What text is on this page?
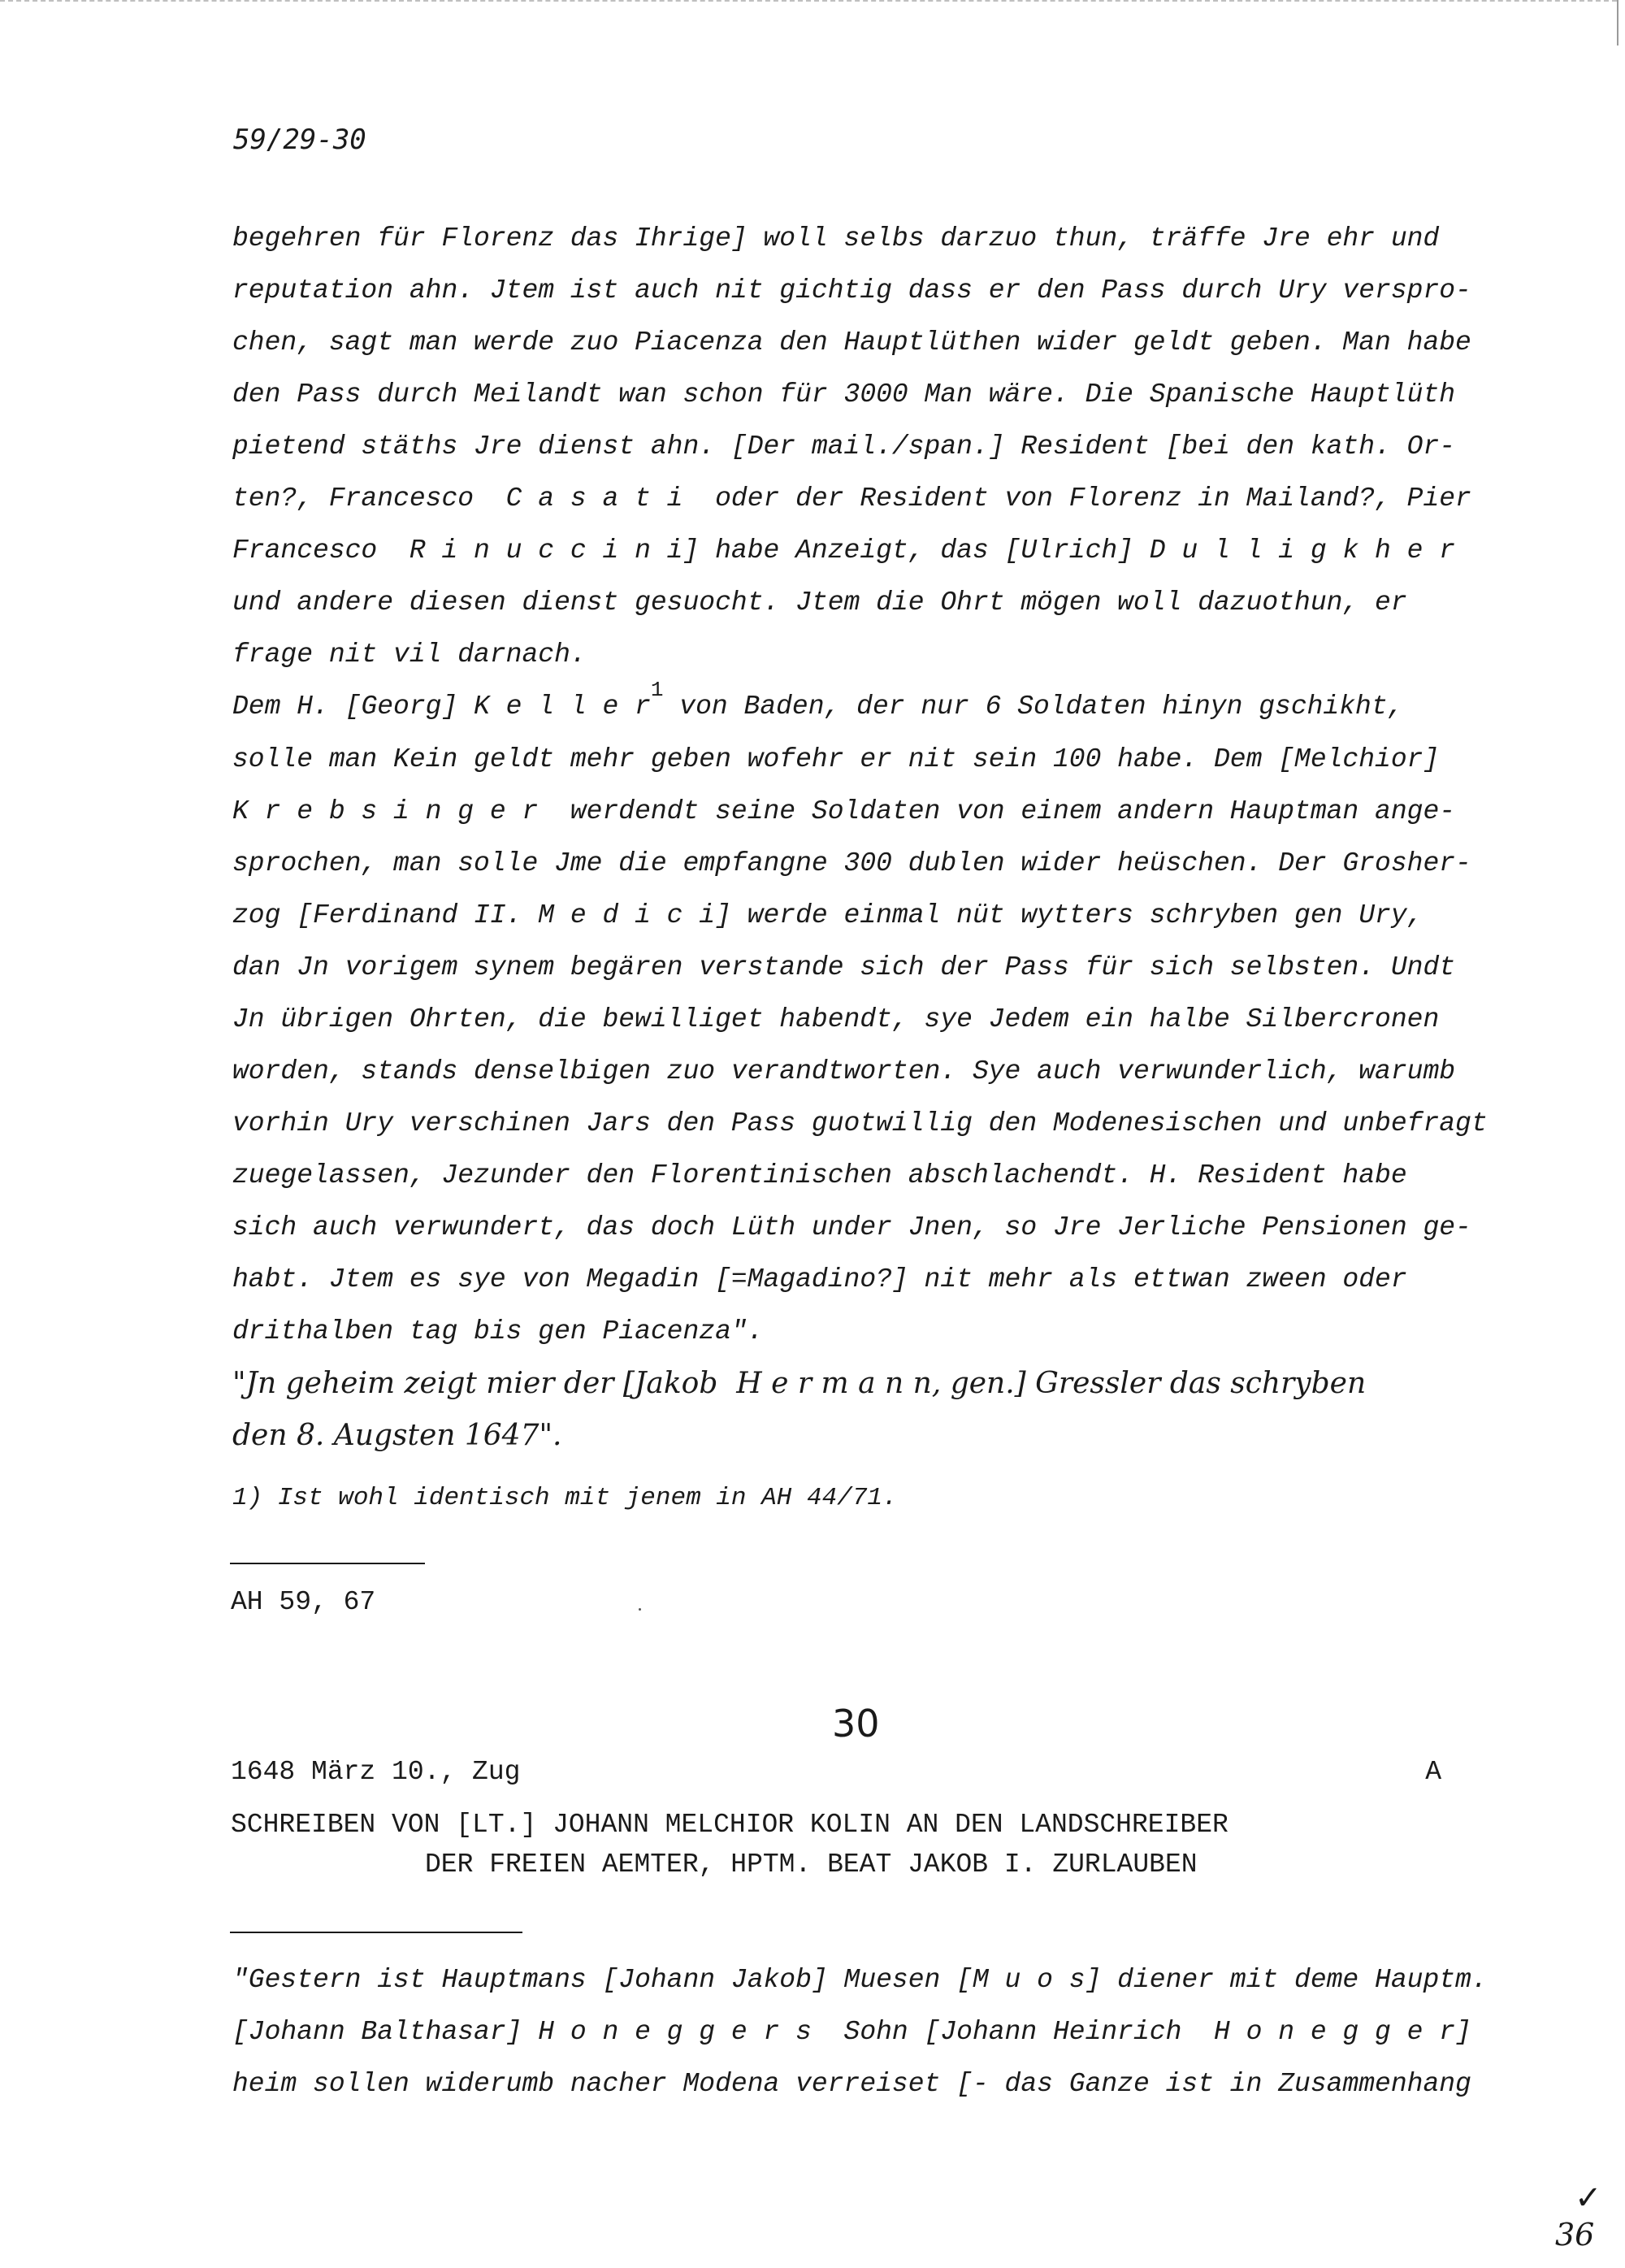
59/29-30
begehren für Florenz das Ihrige] woll selbs darzuo thun, träffe Jre ehr und
reputation ahn. Jtem ist auch nit gichtig dass er den Pass durch Ury verspro-
chen, sagt man werde zuo Piacenza den Hauptlüthen wider geldt geben. Man habe
den Pass durch Meilandt wan schon für 3000 Man wäre. Die Spanische Hauptlüth
pietend stäths Jre dienst ahn. [Der mail./span.] Resident [bei den kath. Or-
ten?, Francesco  C a s a t i  oder der Resident von Florenz in Mailand?, Pier
Francesco  R i n u c c i n i] habe Anzeigt, das [Ulrich] D u l l i g k h e r
und andere diesen dienst gesuocht. Jtem die Ohrt mögen woll dazuothun, er
frage nit vil darnach.
Dem H. [Georg] K e l l e $r^1$ von Baden, der nur 6 Soldaten hinyn gschikht,
solle man Kein geldt mehr geben wofehr er nit sein 100 habe. Dem [Melchior]
K r e b s i n g e r  werdendt seine Soldaten von einem andern Hauptman ange-
sprochen, man solle Jme die empfangne 300 dublen wider heüschen. Der Grosher-
zog [Ferdinand II. M e d i c i] werde einmal nüt wytters schryben gen Ury,
dan Jn vorigem synem begären verstande sich der Pass für sich selbsten. Undt
Jn übrigen Ohrten, die bewilliget habendt, sye Jedem ein halbe Silbercronen
worden, stands denselbigen zuo verandtworten. Sye auch verwunderlich, warumb
vorhin Ury verschinen Jars den Pass guotwillig den Modenesischen und unbefragt
zuegelassen, Jezunder den Florentinischen abschlachendt. H. Resident habe
sich auch verwundert, das doch Lüth under Jnen, so Jre Jerliche Pensionen ge-
habt. Jtem es sye von Megadin [=Magadino?] nit mehr als ettwan zween oder
drithalben tag bis gen Piacenza".
"Jn geheim zeigt mier der [Jakob  H e r m a n n, gen.] Gressler das schryben
den 8. Augsten 1647".
1) Ist wohl identisch mit jenem in AH 44/71.
AH 59, 67
30
1648 März 10., Zug	A
SCHREIBEN VON [LT.] JOHANN MELCHIOR KOLIN AN DEN LANDSCHREIBER
DER FREIEN AEMTER, HPTM. BEAT JAKOB I. ZURLAUBEN
"Gestern ist Hauptmans [Johann Jakob] Muesen [M u o s] diener mit deme Hauptm.
[Johann Balthasar] H o n e g g e r s  Sohn [Johann Heinrich  H o n e g g e r]
heim sollen widerumb nacher Modena verreiset [- das Ganze ist in Zusammenhang
✓
36
